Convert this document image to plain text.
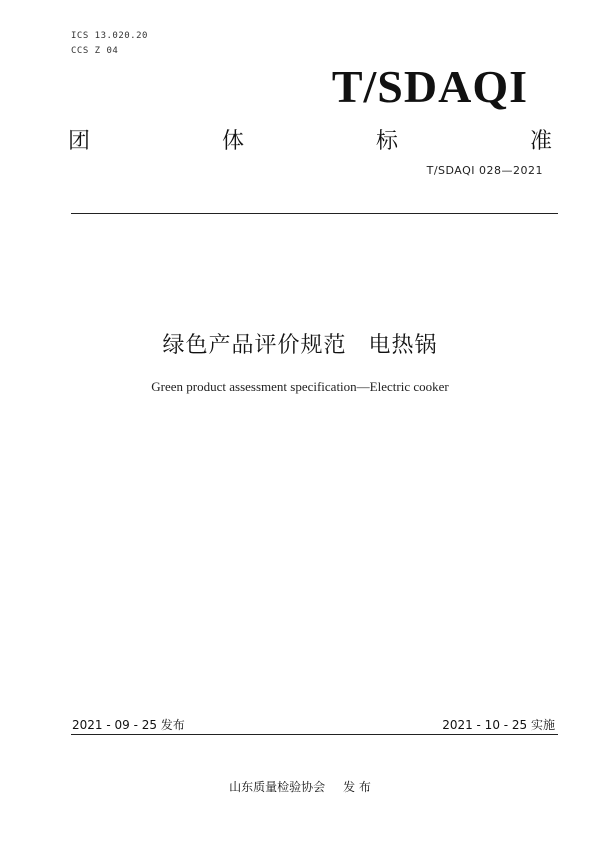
ICS 13.020.20
CCS Z 04
T/SDAQI
团	体	标	准
T/SDAQI 028—2021
绿色产品评价规范 电热锅
Green product assessment specification—Electric cooker
2021 - 09 - 25 发布	2021 - 10 - 25 实施
山东质量检验协会 发 布
